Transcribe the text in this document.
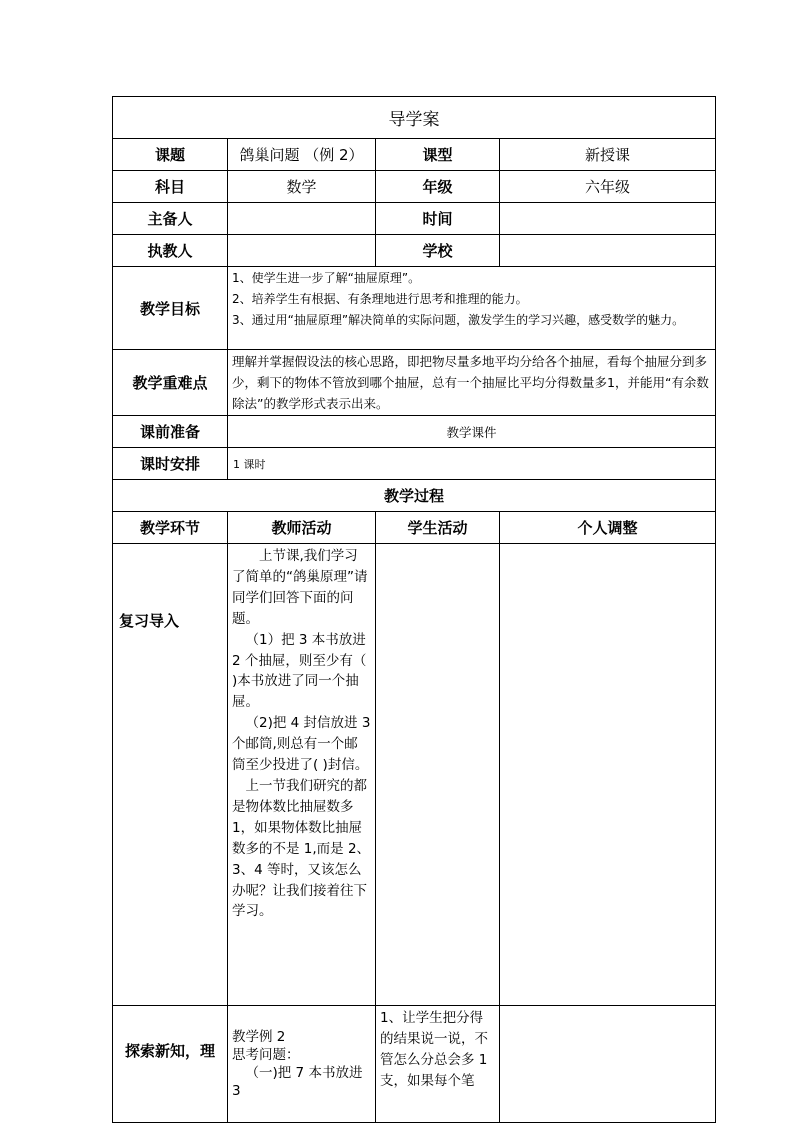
导学案			
课题	鸽巢问题 （例 2）	课型	新授课
科目	数学	年级	六年级
主备人		时间	
执教人		学校	
教学目标	1、使学生进一步了解“抽屉原理”。
2、培养学生有根据、有条理地进行思考和推理的能力。
3、通过用“抽屉原理”解决简单的实际问题，激发学生的学习兴趣，感受数学的魅力。		

教学重难点	理解并掌握假设法的核心思路，即把物尽量多地平均分给各个抽屉，看每个抽屉分到多少，剩下的物体不管放到哪个抽屉，总有一个抽屉比平均分得数量多1，并能用“有余数除法”的教学形式表示出来。		
课前准备	教学课件		
课时安排	1 课时		
教学过程			
教学环节	教师活动	学生活动	个人调整
复习导入	上节课,我们学习了简单的“鸽巢原理”请同学们回答下面的问题。

（1）把 3 本书放进 2 个抽屉，则至少有（ )本书放进了同一个抽屉。

（2)把 4 封信放进 3 个邮筒,则总有一个邮筒至少投进了( )封信。

上一节我们研究的都是物体数比抽屉数多 1，如果物体数比抽屉数多的不是 1,而是 2、3、4 等时，又该怎么办呢？让我们接着往下学习。		

探索新知，理	教学例 2

思考问题：

（一)把 7 本书放进 3	1、让学生把分得的结果说一说，不管怎么分总会多 1 支，如果每个笔	
